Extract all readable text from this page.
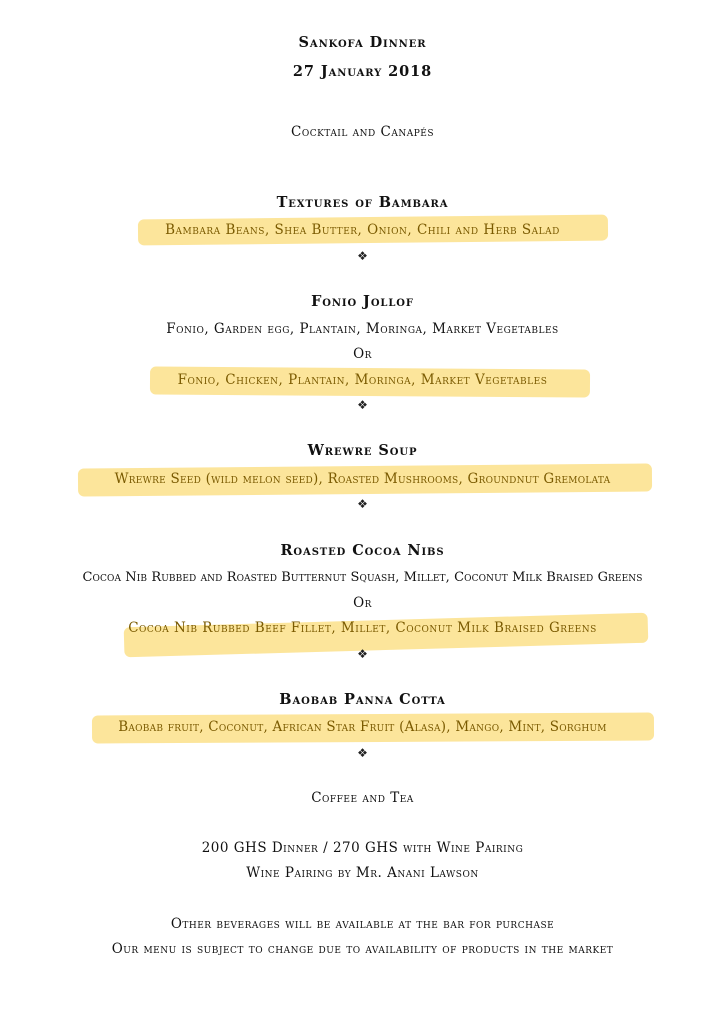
Sankofa Dinner

27 January 2018

Cocktail and Canapés

Textures of Bambara

Bambara Beans, Shea Butter, Onion, Chili and Herb Salad

❖

Fonio Jollof

Fonio, Garden egg, Plantain, Moringa, Market Vegetables

Or

Fonio, Chicken, Plantain, Moringa, Market Vegetables

❖

Wrewre Soup

Wrewre Seed (wild melon seed), Roasted Mushrooms, Groundnut Gremolata

❖

Roasted Cocoa Nibs

Cocoa Nib Rubbed and Roasted Butternut Squash, Millet, Coconut Milk Braised Greens

Or

Cocoa Nib Rubbed Beef Fillet, Millet, Coconut Milk Braised Greens

❖

Baobab Panna Cotta

Baobab fruit, Coconut, African Star Fruit (Alasa), Mango, Mint, Sorghum

❖

Coffee and Tea

200 GHS Dinner / 270 GHS with Wine Pairing

Wine Pairing by Mr. Anani Lawson

Other beverages will be available at the bar for purchase

Our menu is subject to change due to availability of products in the market
